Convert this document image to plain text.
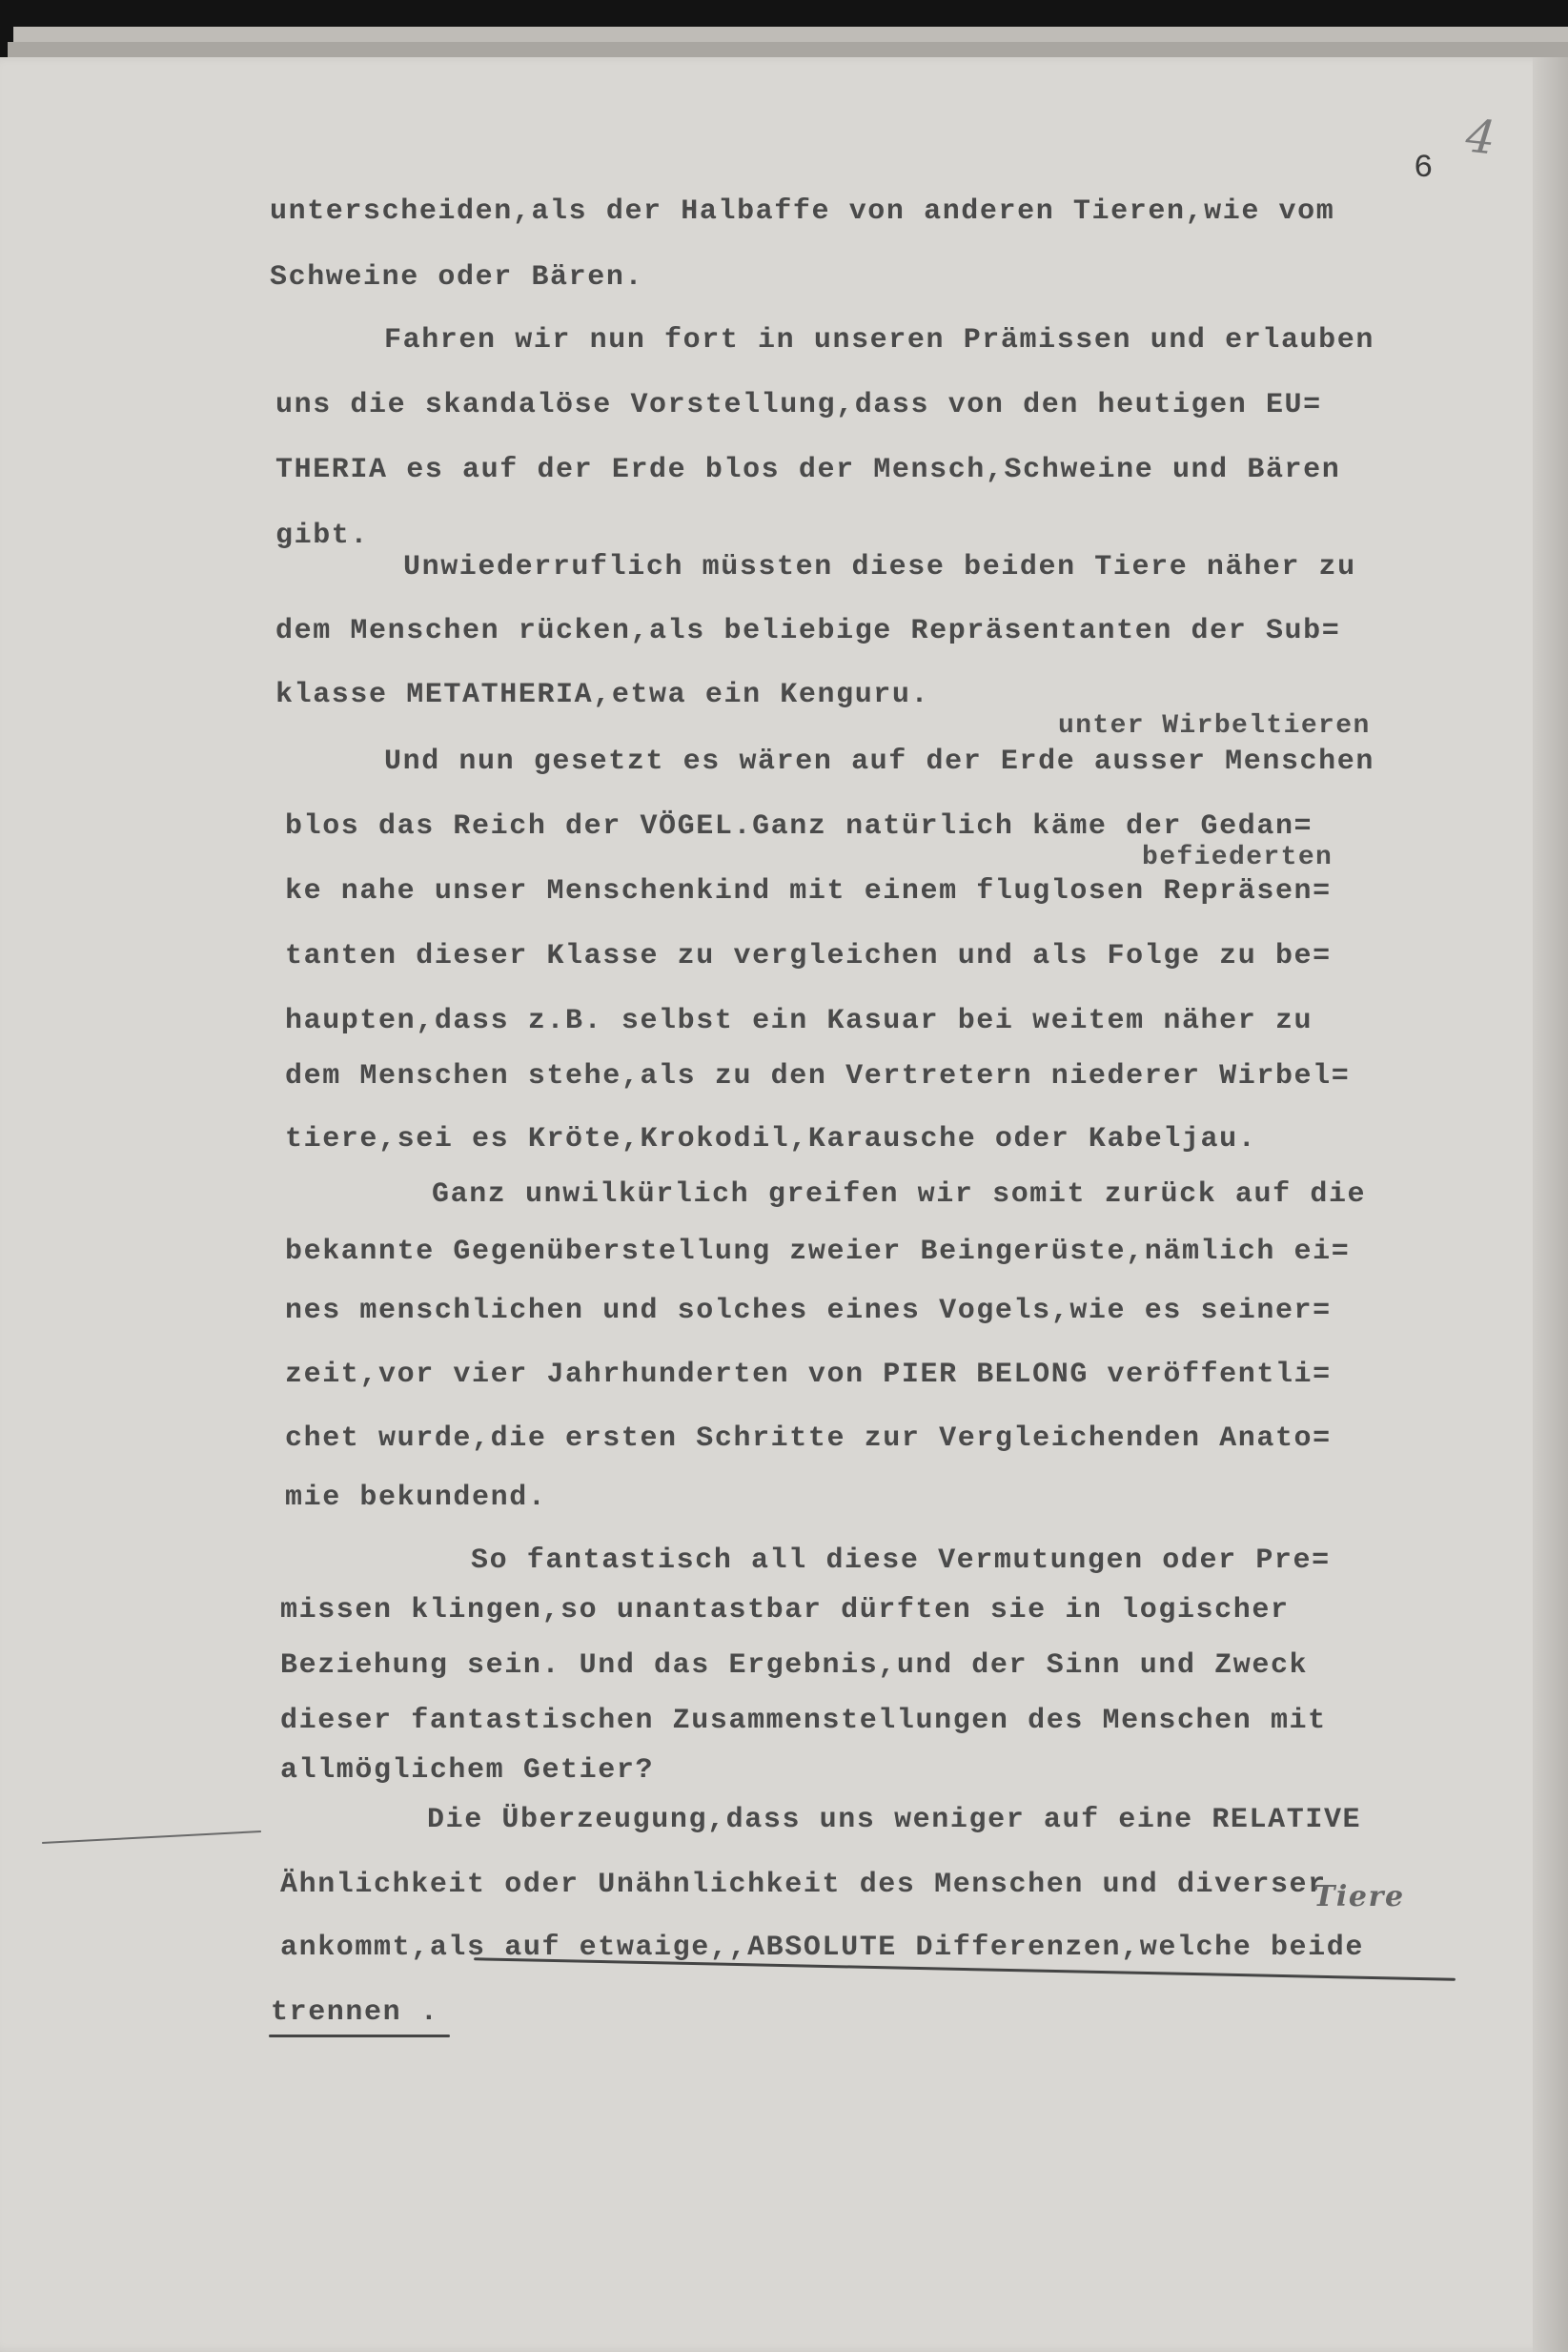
4
6
unterscheiden,als der Halbaffe von anderen Tieren,wie vom
Schweine oder Bären.
Fahren wir nun fort in unseren Prämissen und erlauben
uns die skandalöse Vorstellung,dass von den heutigen EU=
THERIA es auf der Erde blos der Mensch,Schweine und Bären
gibt.
Unwiederruflich müssten diese beiden Tiere näher zu
dem Menschen rücken,als beliebige Repräsentanten der Sub=
klasse METATHERIA,etwa ein Kenguru.
unter Wirbeltieren
Und nun gesetzt es wären auf der Erde ausser Menschen
blos das Reich der VÖGEL.Ganz natürlich käme der Gedan=
befiederten
ke nahe unser Menschenkind mit einem fluglosen Repräsen=
tanten dieser Klasse zu vergleichen und als Folge zu be=
haupten,dass z.B. selbst ein Kasuar bei weitem näher zu
dem Menschen stehe,als zu den Vertretern niederer Wirbel=
tiere,sei es Kröte,Krokodil,Karausche oder Kabeljau.
Ganz unwilkürlich greifen wir somit zurück auf die
bekannte Gegenüberstellung zweier Beingerüste,nämlich ei=
nes menschlichen und solches eines Vogels,wie es seiner=
zeit,vor vier Jahrhunderten von PIER BELONG veröffentli=
chet wurde,die ersten Schritte zur Vergleichenden Anato=
mie bekundend.
So fantastisch all diese Vermutungen oder Pre=
missen klingen,so unantastbar dürften sie in logischer
Beziehung sein. Und das Ergebnis,und der Sinn und Zweck
dieser fantastischen Zusammenstellungen des Menschen mit
allmöglichem Getier?
Die Überzeugung,dass uns weniger auf eine RELATIVE
Tiere
Ähnlichkeit oder Unähnlichkeit des Menschen und diverser
ankommt,als auf etwaige,,ABSOLUTE Differenzen,welche beide
trennen .
